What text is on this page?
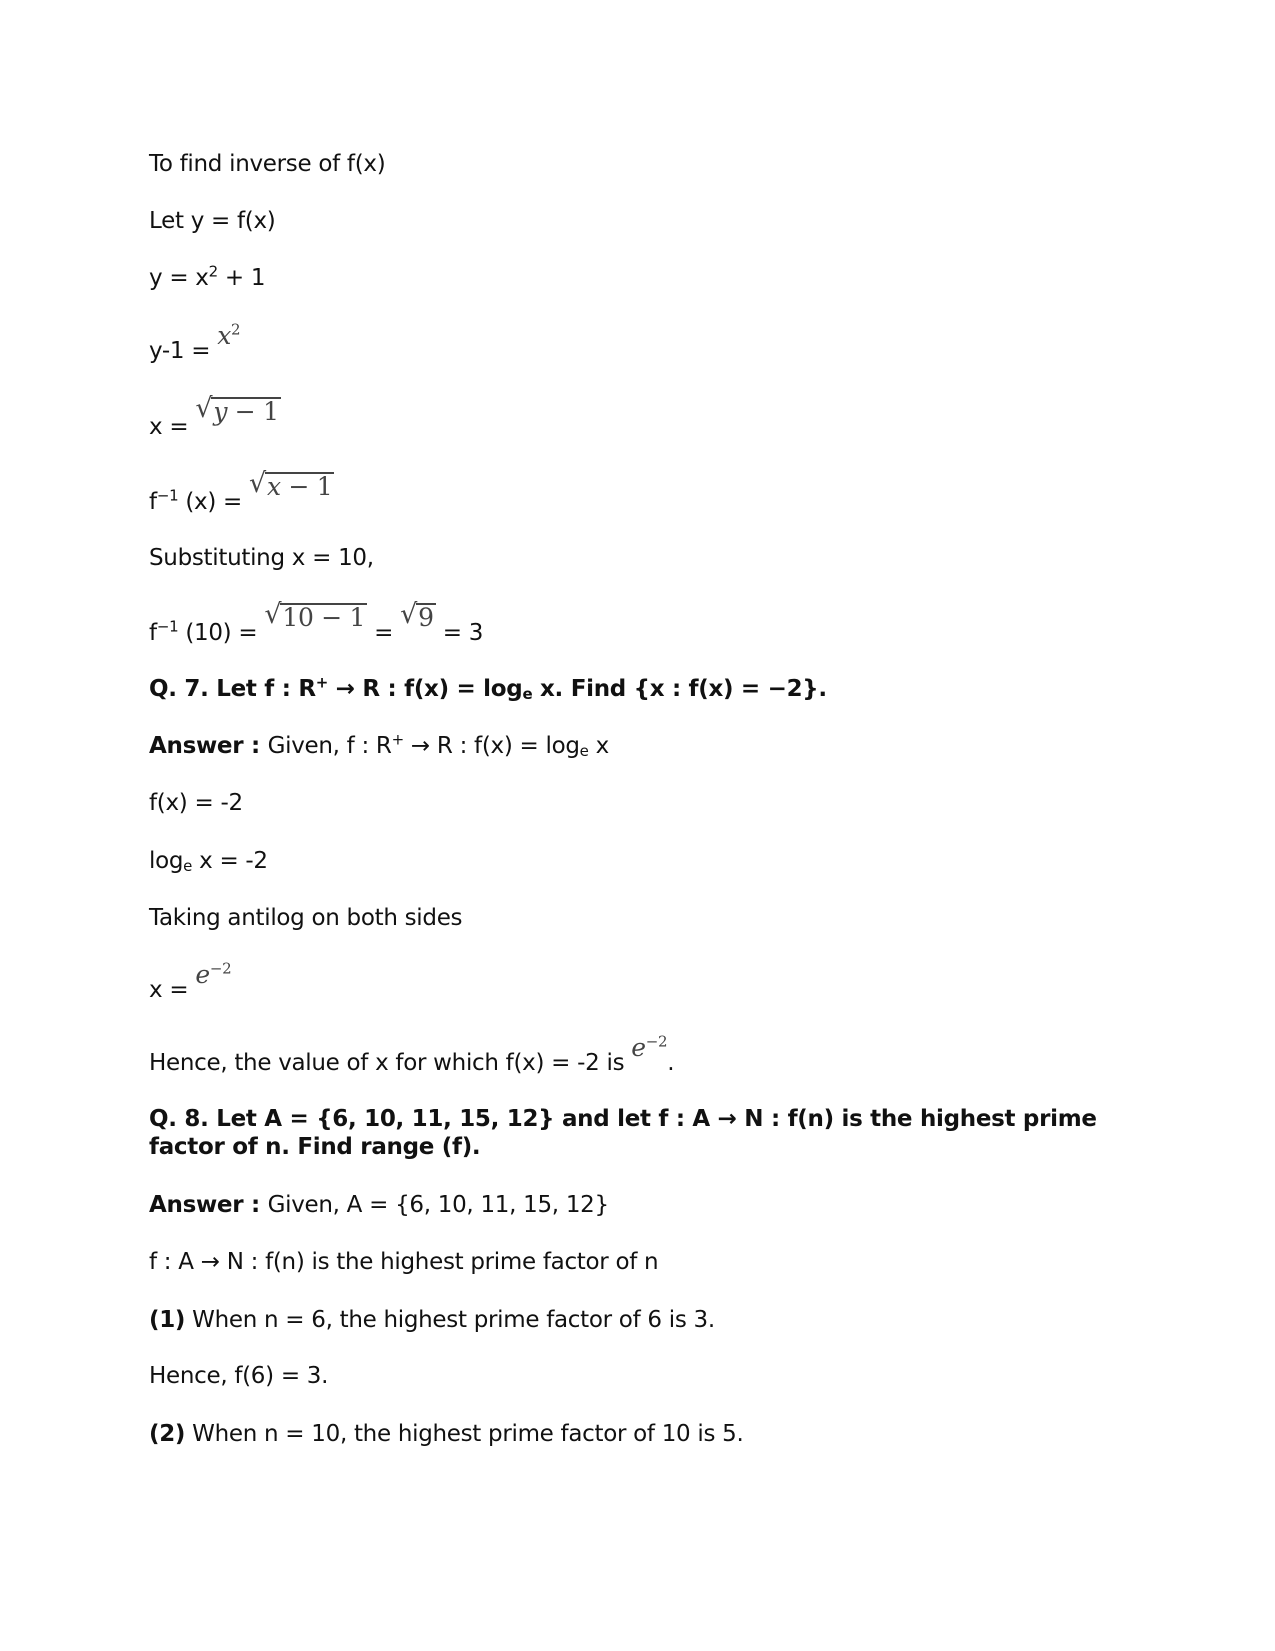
To find inverse of f(x)
Let y = f(x)
$y = x^2 + 1$
$y-1 = x^2$
x = √ y − 1
$f^{-1}$ (x) = √ x − 1
Substituting x = 10,
$f^{-1}$ (10) = √ 10 − 1 = √ 9 = 3
Q. 7. Let f : R+ → R : $f(x) = \log_e x$. Find {x : f(x) = −2}.
Answer : Given, f : R+ → R : $f(x) = \log_e x$
f(x) = -2
$\log_e x = -2$
Taking antilog on both sides
$x = e^{-2}$
Hence, the value of x for which f(x) = -2 is $e^{-2}$.
Q. 8. Let A = {6, 10, 11, 15, 12} and let f : A → N : f(n) is the highest prime factor of n. Find range (f).
Answer : Given, A = {6, 10, 11, 15, 12}
f : A → N : f(n) is the highest prime factor of n
(1) When n = 6, the highest prime factor of 6 is 3.
Hence, f(6) = 3.
(2) When n = 10, the highest prime factor of 10 is 5.
